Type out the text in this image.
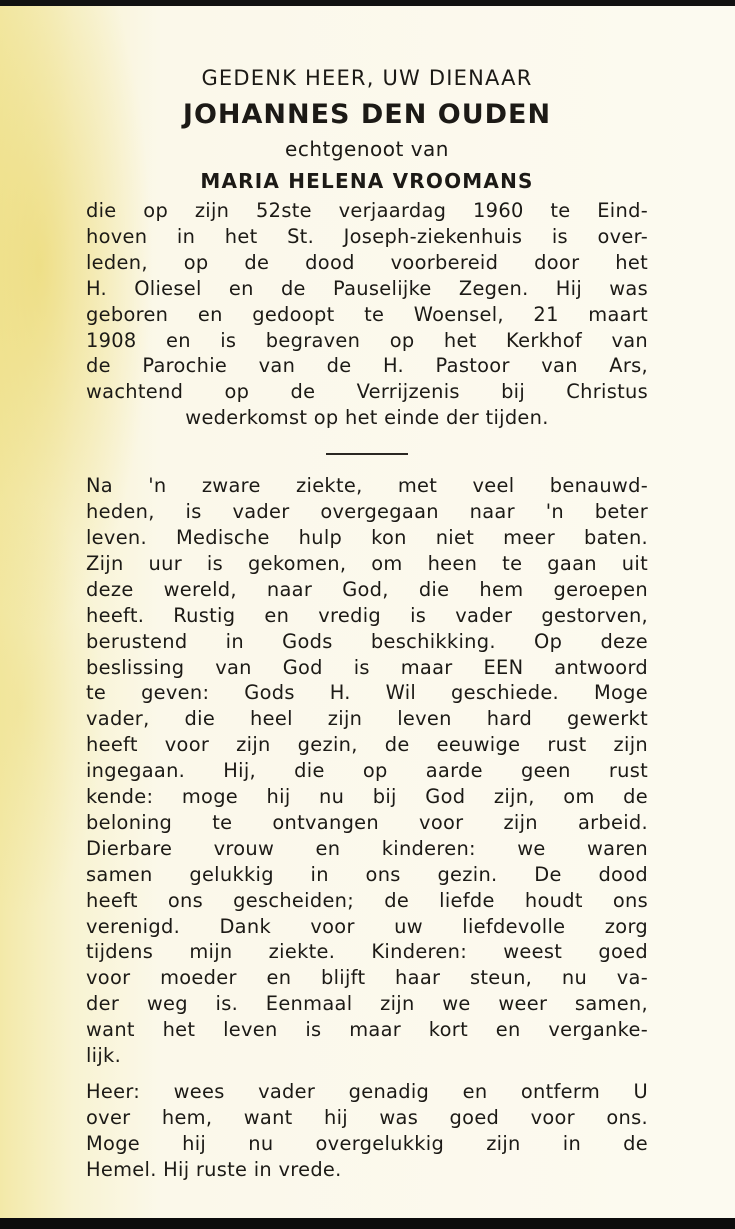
GEDENK HEER, UW DIENAAR

JOHANNES DEN OUDEN

echtgenoot van

MARIA HELENA VROOMANS

die op zijn 52ste verjaardag 1960 te Eind-
hoven in het St. Joseph-ziekenhuis is over-
leden, op de dood voorbereid door het
H. Oliesel en de Pauselijke Zegen. Hij was
geboren en gedoopt te Woensel, 21 maart
1908 en is begraven op het Kerkhof van
de Parochie van de H. Pastoor van Ars,
wachtend op de Verrijzenis bij Christus
wederkomst op het einde der tijden.
Na 'n zware ziekte, met veel benauwd-
heden, is vader overgegaan naar 'n beter
leven. Medische hulp kon niet meer baten.
Zijn uur is gekomen, om heen te gaan uit
deze wereld, naar God, die hem geroepen
heeft. Rustig en vredig is vader gestorven,
berustend in Gods beschikking. Op deze
beslissing van God is maar EEN antwoord
te geven: Gods H. Wil geschiede. Moge
vader, die heel zijn leven hard gewerkt
heeft voor zijn gezin, de eeuwige rust zijn
ingegaan. Hij, die op aarde geen rust
kende: moge hij nu bij God zijn, om de
beloning te ontvangen voor zijn arbeid.
Dierbare vrouw en kinderen: we waren
samen gelukkig in ons gezin. De dood
heeft ons gescheiden; de liefde houdt ons
verenigd. Dank voor uw liefdevolle zorg
tijdens mijn ziekte. Kinderen: weest goed
voor moeder en blijft haar steun, nu va-
der weg is. Eenmaal zijn we weer samen,
want het leven is maar kort en verganke-
lijk.
Heer: wees vader genadig en ontferm U
over hem, want hij was goed voor ons.
Moge hij nu overgelukkig zijn in de
Hemel. Hij ruste in vrede.
